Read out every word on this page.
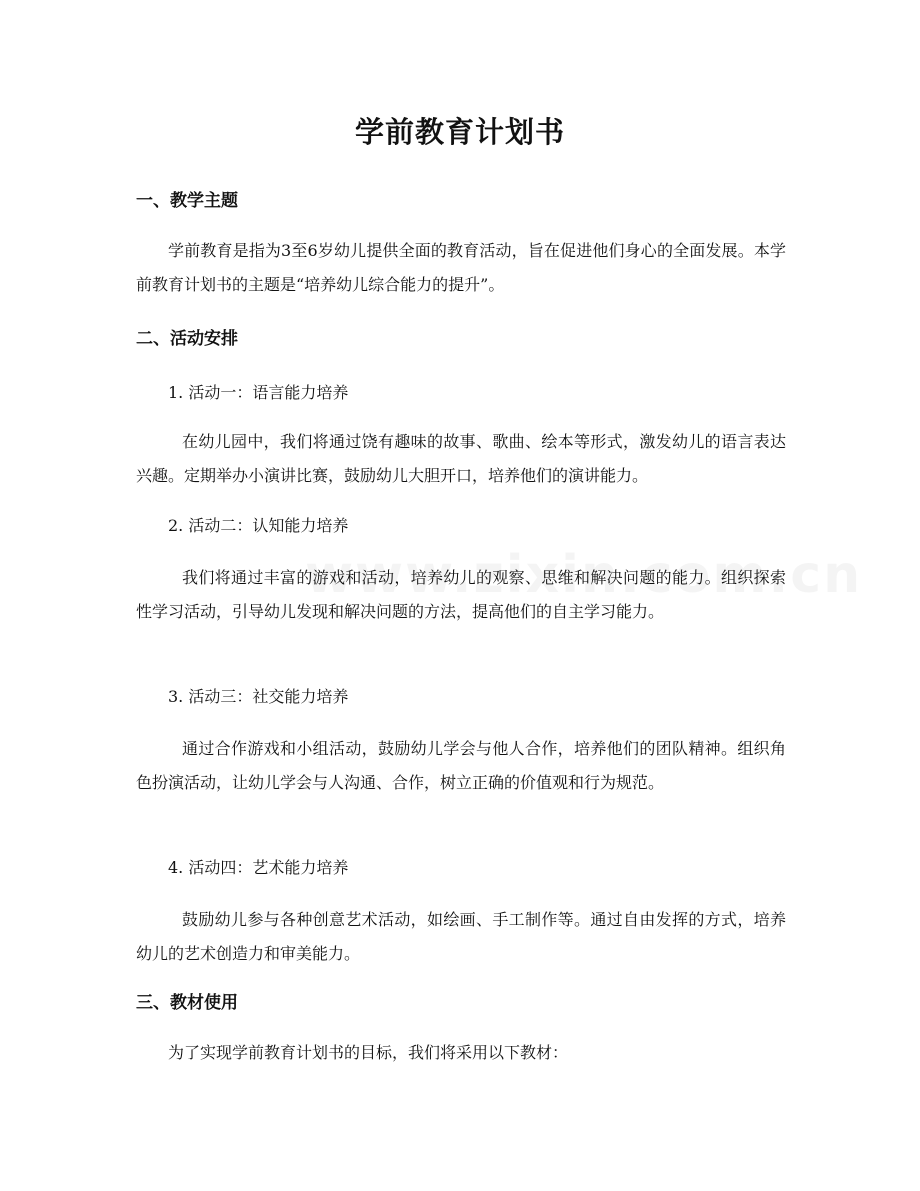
学前教育计划书
一、教学主题

学前教育是指为3至6岁幼儿提供全面的教育活动，旨在促进他们身心的全面发展。本学前教育计划书的主题是“培养幼儿综合能力的提升”。

二、活动安排
1. 活动一：语言能力培养

在幼儿园中，我们将通过饶有趣味的故事、歌曲、绘本等形式，激发幼儿的语言表达兴趣。定期举办小演讲比赛，鼓励幼儿大胆开口，培养他们的演讲能力。

2. 活动二：认知能力培养

我们将通过丰富的游戏和活动，培养幼儿的观察、思维和解决问题的能力。组织探索性学习活动，引导幼儿发现和解决问题的方法，提高他们的自主学习能力。

3. 活动三：社交能力培养

通过合作游戏和小组活动，鼓励幼儿学会与他人合作，培养他们的团队精神。组织角色扮演活动，让幼儿学会与人沟通、合作，树立正确的价值观和行为规范。

4. 活动四：艺术能力培养

鼓励幼儿参与各种创意艺术活动，如绘画、手工制作等。通过自由发挥的方式，培养幼儿的艺术创造力和审美能力。

三、教材使用

为了实现学前教育计划书的目标，我们将采用以下教材：
